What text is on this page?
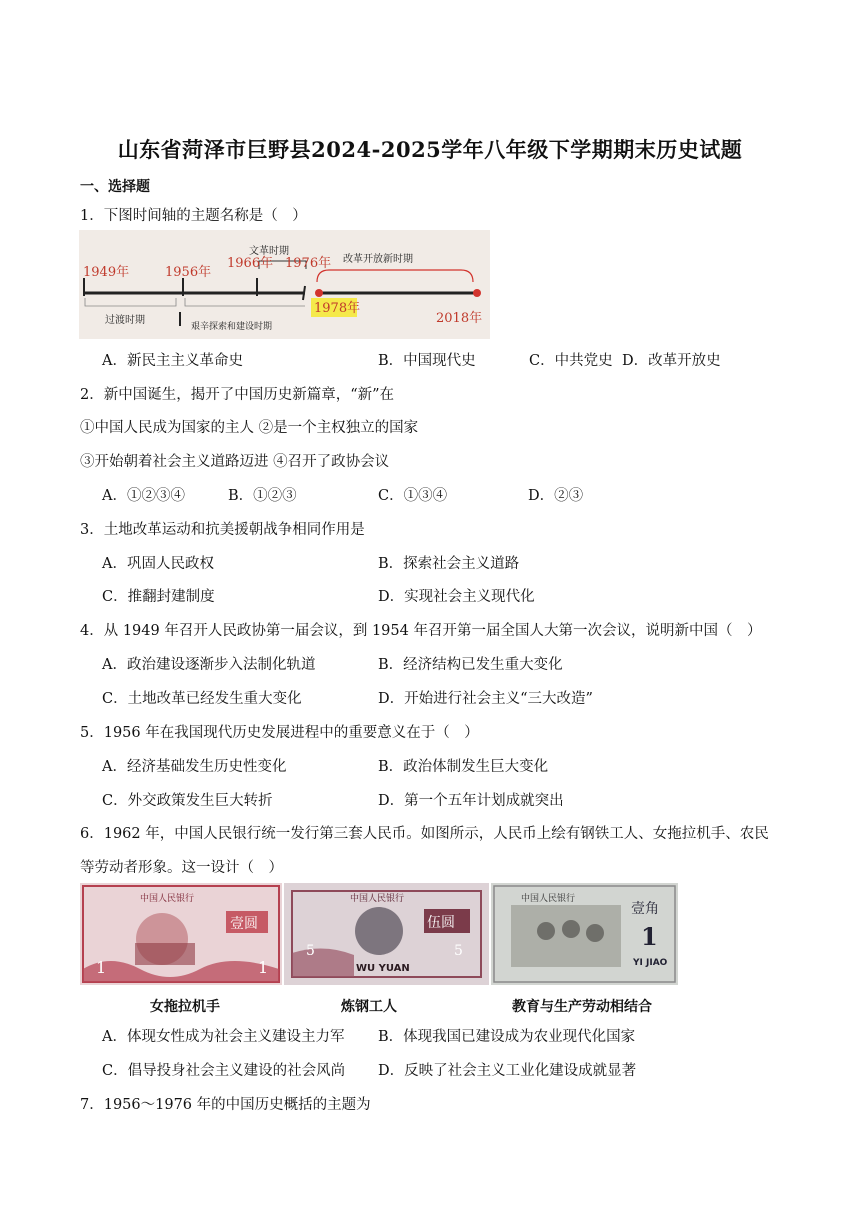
山东省菏泽市巨野县2024-2025学年八年级下学期期末历史试题
一、选择题
1．下图时间轴的主题名称是（　）
1949年	1956年
1966年 1976年
1978年
2018年
文革时期
改革开放新时期
过渡时期
艰辛探索和建设时期
A．新民主主义革命史	B．中国现代史	C．中共党史 D．改革开放史
2．新中国诞生，揭开了中国历史新篇章，“新”在
①中国人民成为国家的主人 ②是一个主权独立的国家
③开始朝着社会主义道路迈进 ④召开了政协会议
A．①②③④	B．①②③	C．①③④	D．②③
3．土地改革运动和抗美援朝战争相同作用是
A．巩固人民政权	B．探索社会主义道路
C．推翻封建制度	D．实现社会主义现代化
4．从 1949 年召开人民政协第一届会议，到 1954 年召开第一届全国人大第一次会议，说明新中国（　）
A．政治建设逐渐步入法制化轨道	B．经济结构已发生重大变化
C．土地改革已经发生重大变化	D．开始进行社会主义“三大改造”
5．1956 年在我国现代历史发展进程中的重要意义在于（　）
A．经济基础发生历史性变化	B．政治体制发生巨大变化
C．外交政策发生巨大转折	D．第一个五年计划成就突出
6．1962 年，中国人民银行统一发行第三套人民币。如图所示，人民币上绘有钢铁工人、女拖拉机手、农民
等劳动者形象。这一设计（　）
壹圆
中国人民银行
1	1
伍圆
中国人民银行
WU YUAN
5	5
中国人民银行
壹角
1
YI JIAO
女拖拉机手	炼钢工人	教育与生产劳动相结合
A．体现女性成为社会主义建设主力军 B．体现我国已建设成为农业现代化国家
C．倡导投身社会主义建设的社会风尚 D．反映了社会主义工业化建设成就显著
7．1956～1976 年的中国历史概括的主题为
